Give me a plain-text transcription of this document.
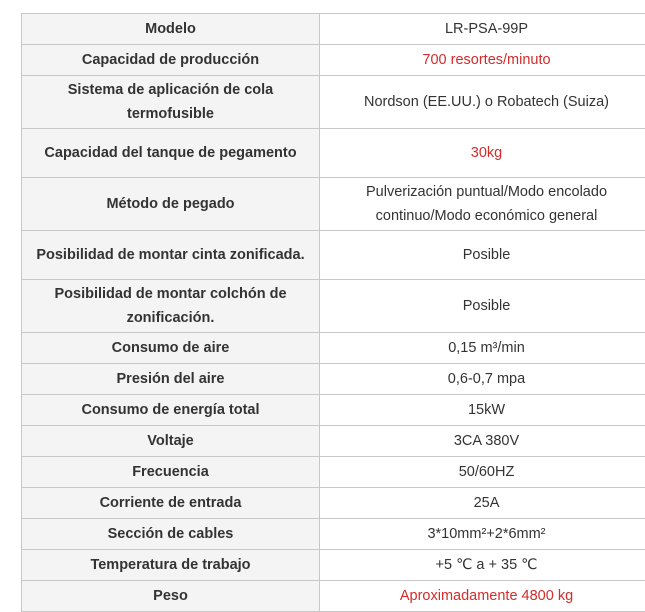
Modelo	LR-PSA-99P
Capacidad de producción	700 resortes/minuto
Sistema de aplicación de cola termofusible	Nordson (EE.UU.) o Robatech (Suiza)
Capacidad del tanque de pegamento	30kg
Método de pegado	Pulverización puntual/Modo encolado continuo/Modo económico general
Posibilidad de montar cinta zonificada.	Posible
Posibilidad de montar colchón de zonificación.	Posible
Consumo de aire	0,15 m³/min
Presión del aire	0,6-0,7 mpa
Consumo de energía total	15kW
Voltaje	3CA 380V
Frecuencia	50/60HZ
Corriente de entrada	25A
Sección de cables	3*10mm²+2*6mm²
Temperatura de trabajo	+5 ℃ a + 35 ℃
Peso	Aproximadamente 4800 kg
